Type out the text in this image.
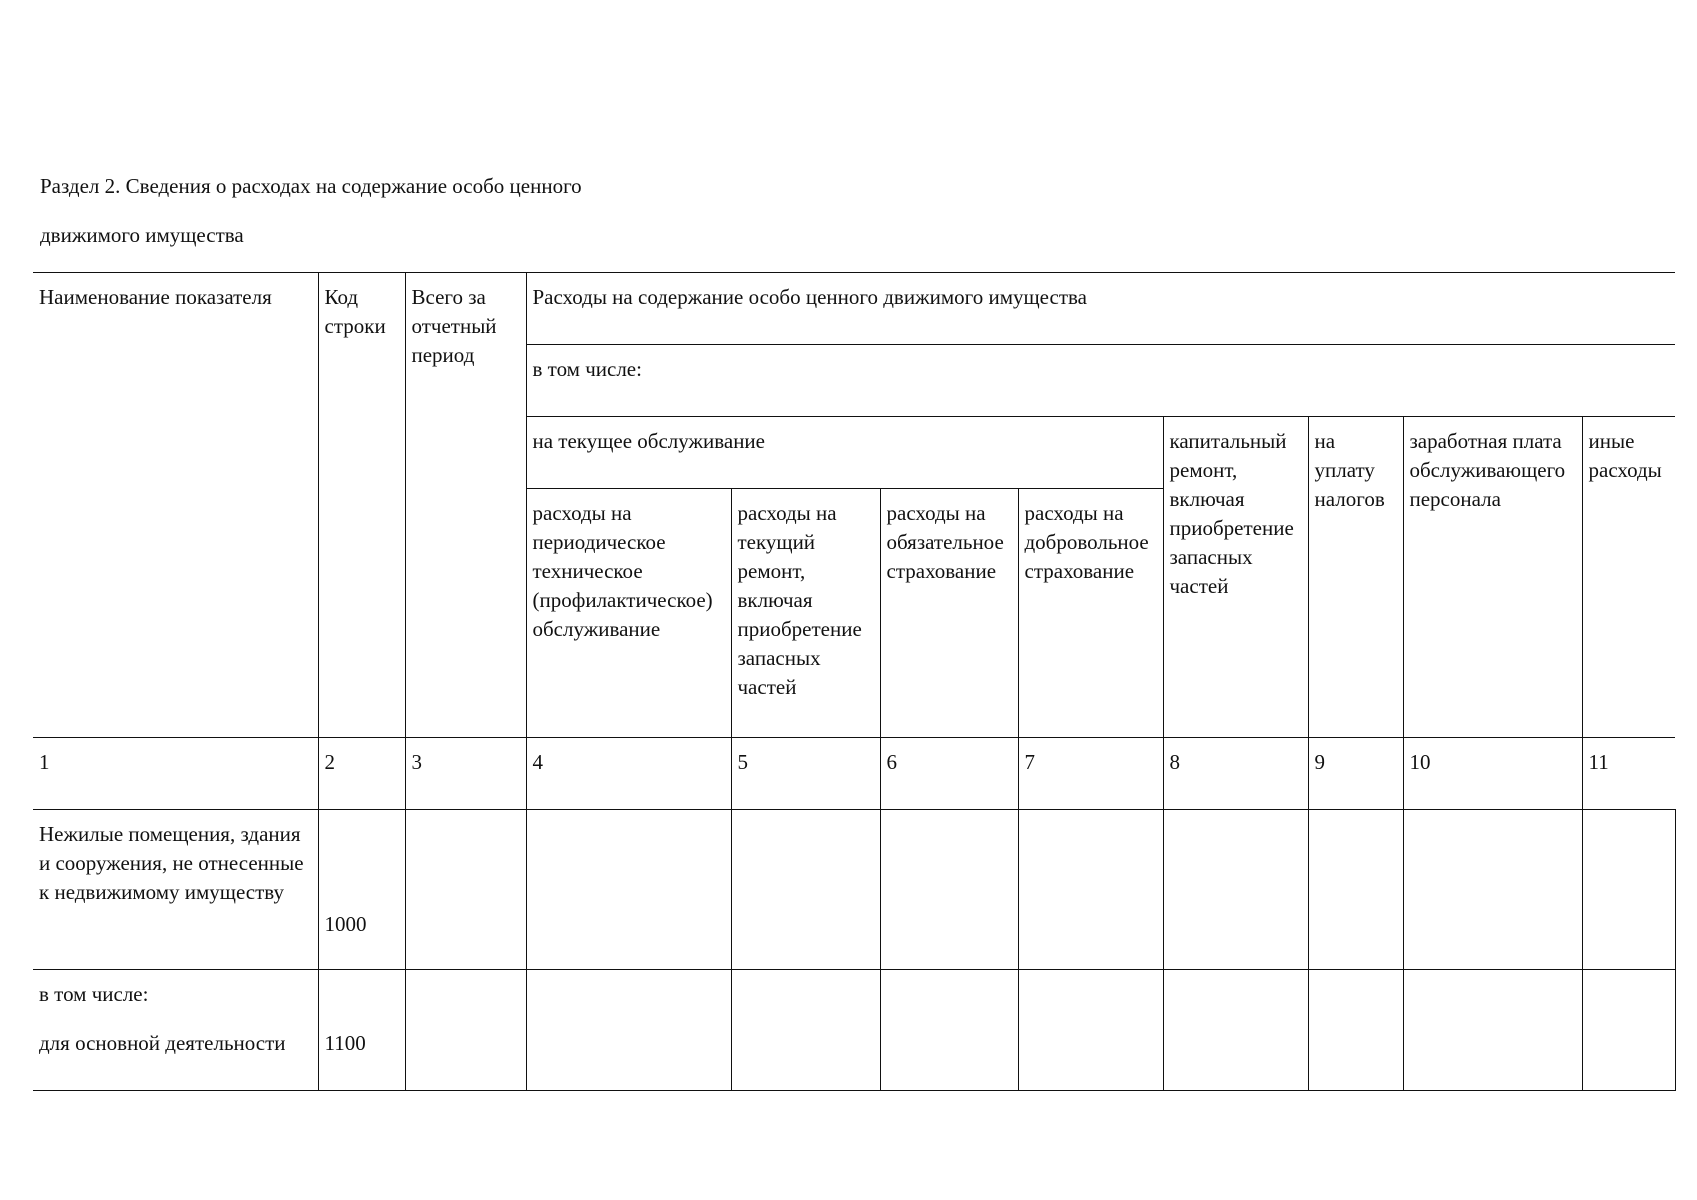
Раздел 2. Сведения о расходах на содержание особо ценного
движимого имущества
Наименование показателя	Код строки	Всего за отчетный период	Расходы на содержание особо ценного движимого имущества							
			в том числе:							
			на текущее обслуживание				капитальный ремонт, включая приобретение запасных частей	на уплату налогов	заработная плата обслуживающего персонала	иные расходы
			расходы на периодическое техническое (профилактическое) обслуживание	расходы на текущий ремонт, включая приобретение запасных частей	расходы на обязательное страхование	расходы на добровольное страхование				
1	2	3	4	5	6	7	8	9	10	11
Нежилые помещения, здания и сооружения, не отнесенные к недвижимому имуществу	1000									
в том числе:
для основной деятельности	1100									
